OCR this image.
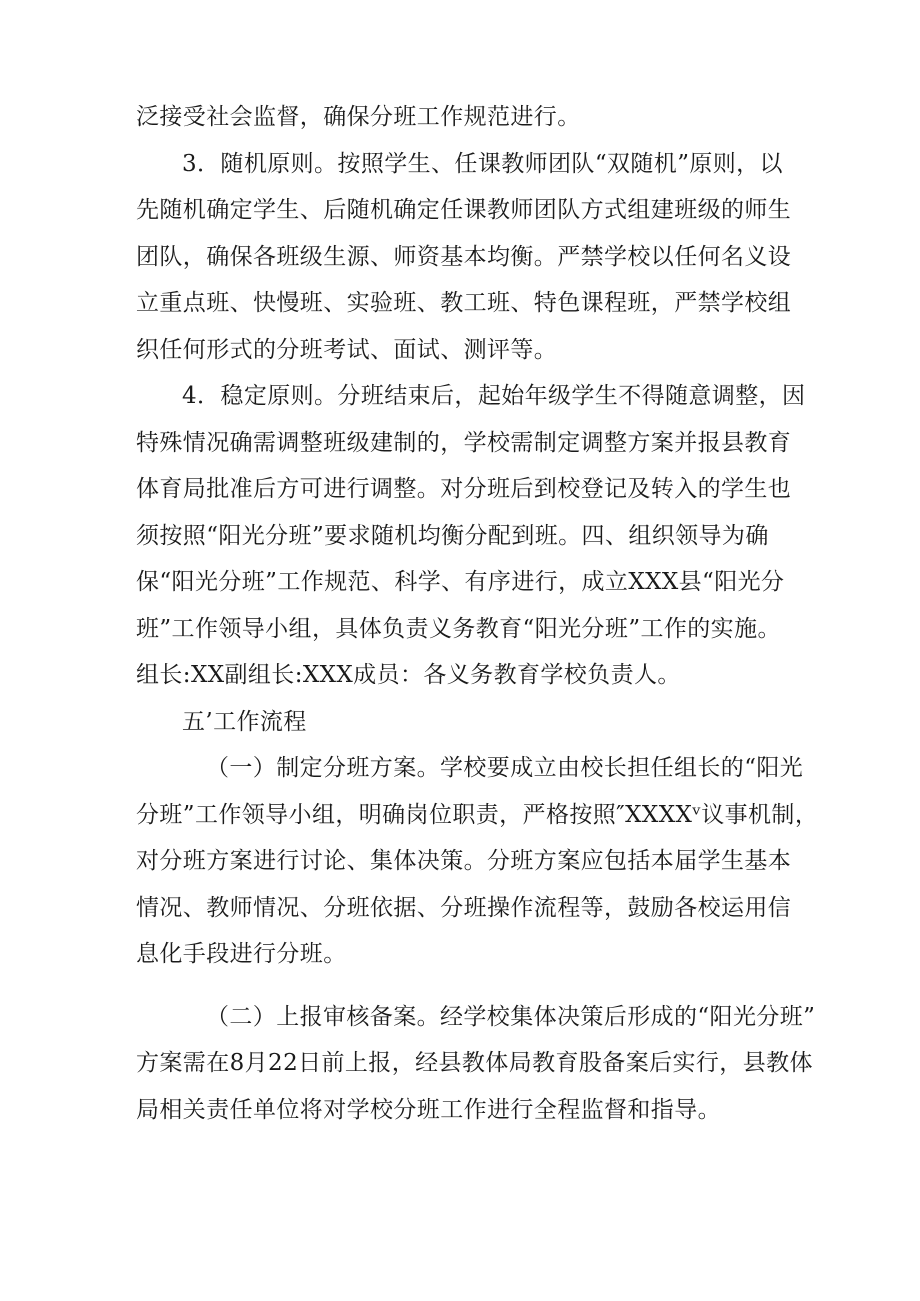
泛接受社会监督，确保分班工作规范进行。
3．随机原则。按照学生、任课教师团队“双随机”原则，以
先随机确定学生、后随机确定任课教师团队方式组建班级的师生
团队，确保各班级生源、师资基本均衡。严禁学校以任何名义设
立重点班、快慢班、实验班、教工班、特色课程班，严禁学校组
织任何形式的分班考试、面试、测评等。
4．稳定原则。分班结束后，起始年级学生不得随意调整，因
特殊情况确需调整班级建制的，学校需制定调整方案并报县教育
体育局批准后方可进行调整。对分班后到校登记及转入的学生也
须按照“阳光分班”要求随机均衡分配到班。四、组织领导为确
保“阳光分班”工作规范、科学、有序进行，成立XXX县“阳光分
班”工作领导小组，具体负责义务教育“阳光分班”工作的实施。
组长:XX副组长:XXX成员：各义务教育学校负责人。
五’工作流程
（一）制定分班方案。学校要成立由校长担任组长的“阳光
分班”工作领导小组，明确岗位职责，严格按照″XXXXᵛ议事机制，
对分班方案进行讨论、集体决策。分班方案应包括本届学生基本
情况、教师情况、分班依据、分班操作流程等，鼓励各校运用信
息化手段进行分班。
（二）上报审核备案。经学校集体决策后形成的“阳光分班”
方案需在8月22日前上报，经县教体局教育股备案后实行，县教体
局相关责任单位将对学校分班工作进行全程监督和指导。
